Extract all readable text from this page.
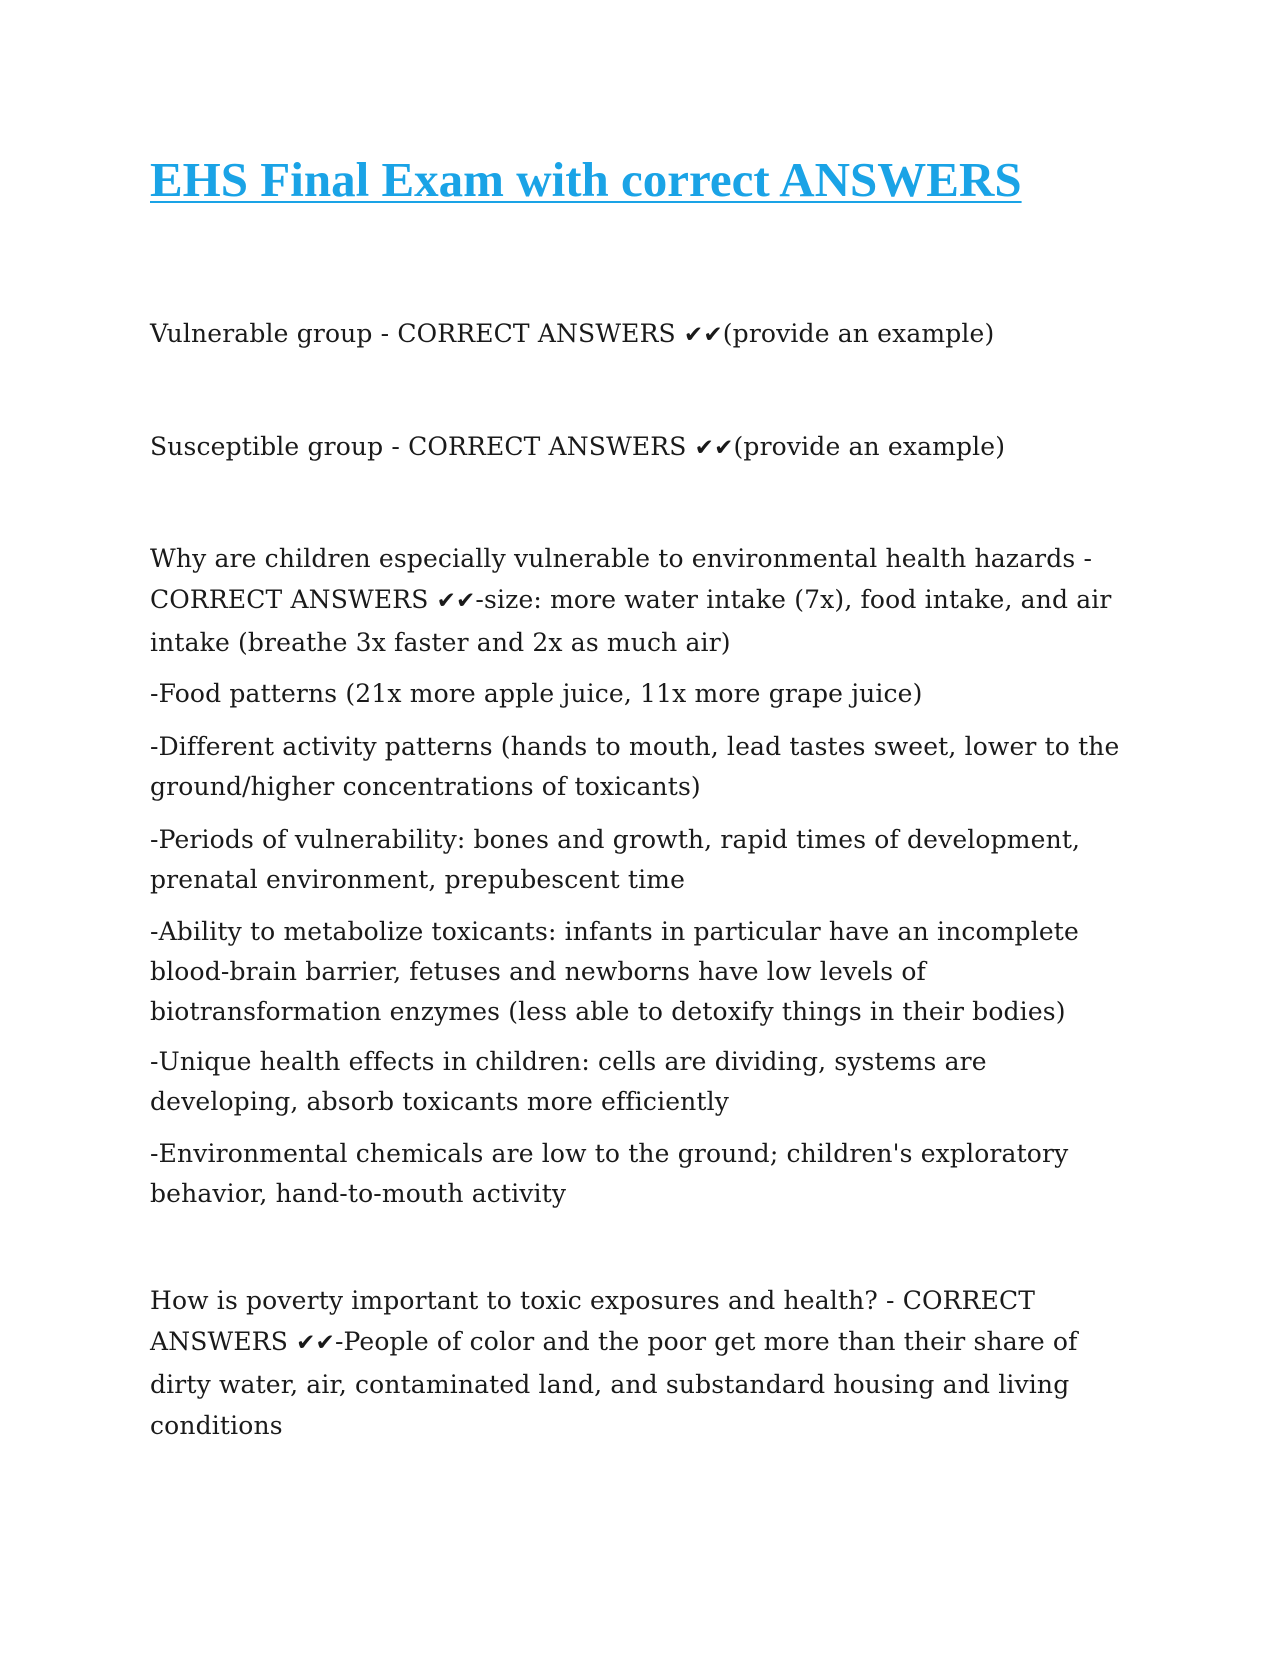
EHS Final Exam with correct ANSWERS

Vulnerable group - CORRECT ANSWERS ✔✔(provide an example)

Susceptible group - CORRECT ANSWERS ✔✔(provide an example)

Why are children especially vulnerable to environmental health hazards - CORRECT ANSWERS ✔✔-size: more water intake (7x), food intake, and air intake (breathe 3x faster and 2x as much air)

-Food patterns (21x more apple juice, 11x more grape juice)

-Different activity patterns (hands to mouth, lead tastes sweet, lower to the ground/higher concentrations of toxicants)

-Periods of vulnerability: bones and growth, rapid times of development, prenatal environment, prepubescent time

-Ability to metabolize toxicants: infants in particular have an incomplete blood-brain barrier, fetuses and newborns have low levels of biotransformation enzymes (less able to detoxify things in their bodies)

-Unique health effects in children: cells are dividing, systems are developing, absorb toxicants more efficiently

-Environmental chemicals are low to the ground; children's exploratory behavior, hand-to-mouth activity

How is poverty important to toxic exposures and health? - CORRECT ANSWERS ✔✔-People of color and the poor get more than their share of dirty water, air, contaminated land, and substandard housing and living conditions
